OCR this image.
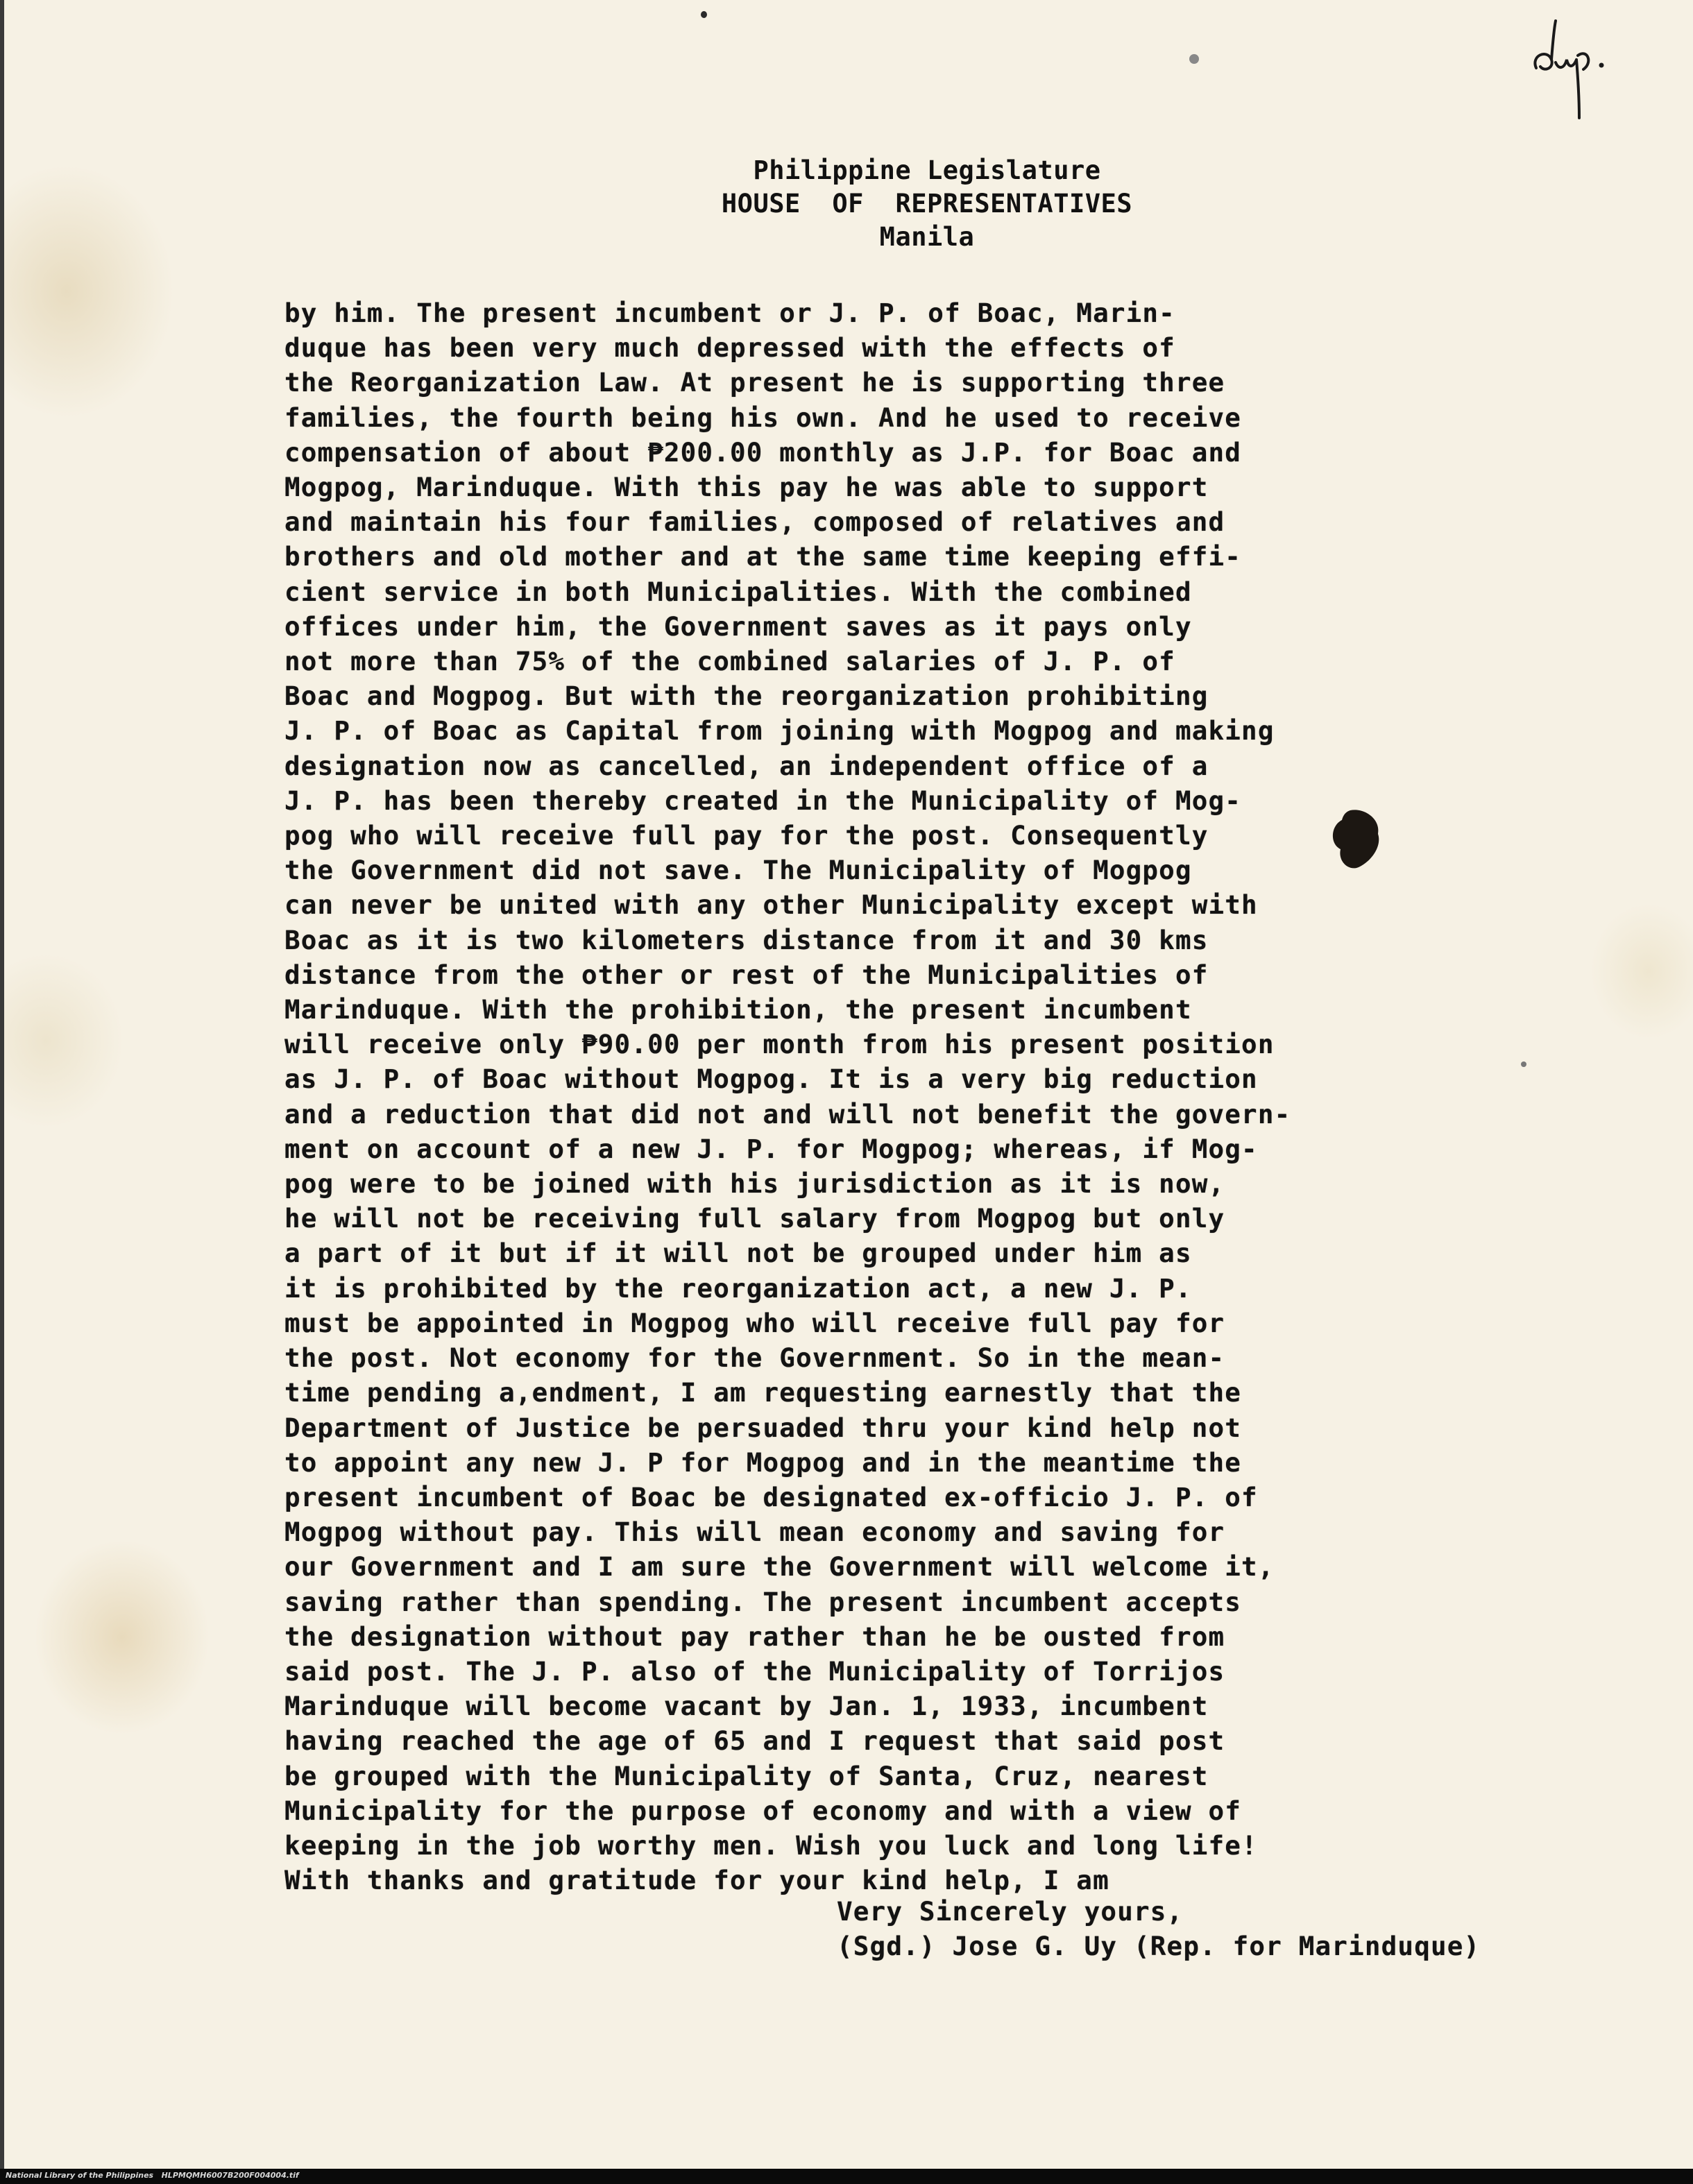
dup.
Philippine Legislature
HOUSE  OF  REPRESENTATIVES
Manila
by him. The present incumbent or J. P. of Boac, Marin-
duque has been very much depressed with the effects of
the Reorganization Law. At present he is supporting three
families, the fourth being his own. And he used to receive
compensation of about ₱200.00 monthly as J.P. for Boac and
Mogpog, Marinduque. With this pay he was able to support
and maintain his four families, composed of relatives and
brothers and old mother and at the same time keeping effi-
cient service in both Municipalities. With the combined
offices under him, the Government saves as it pays only
not more than 75% of the combined salaries of J. P. of
Boac and Mogpog. But with the reorganization prohibiting
J. P. of Boac as Capital from joining with Mogpog and making
designation now as cancelled, an independent office of a
J. P. has been thereby created in the Municipality of Mog-
pog who will receive full pay for the post. Consequently
the Government did not save. The Municipality of Mogpog
can never be united with any other Municipality except with
Boac as it is two kilometers distance from it and 30 kms
distance from the other or rest of the Municipalities of
Marinduque. With the prohibition, the present incumbent
will receive only ₱90.00 per month from his present position
as J. P. of Boac without Mogpog. It is a very big reduction
and a reduction that did not and will not benefit the govern-
ment on account of a new J. P. for Mogpog; whereas, if Mog-
pog were to be joined with his jurisdiction as it is now,
he will not be receiving full salary from Mogpog but only
a part of it but if it will not be grouped under him as
it is prohibited by the reorganization act, a new J. P.
must be appointed in Mogpog who will receive full pay for
the post. Not economy for the Government. So in the mean-
time pending a,endment, I am requesting earnestly that the
Department of Justice be persuaded thru your kind help not
to appoint any new J. P for Mogpog and in the meantime the
present incumbent of Boac be designated ex-officio J. P. of
Mogpog without pay. This will mean economy and saving for
our Government and I am sure the Government will welcome it,
saving rather than spending. The present incumbent accepts
the designation without pay rather than he be ousted from
said post. The J. P. also of the Municipality of Torrijos
Marinduque will become vacant by Jan. 1, 1933, incumbent
having reached the age of 65 and I request that said post
be grouped with the Municipality of Santa, Cruz, nearest
Municipality for the purpose of economy and with a view of
keeping in the job worthy men. Wish you luck and long life!
With thanks and gratitude for your kind help, I am
Very Sincerely yours,
(Sgd.) Jose G. Uy (Rep. for Marinduque)
National Library of the Philippines   HLPMQMH6007B200F004004.tif
